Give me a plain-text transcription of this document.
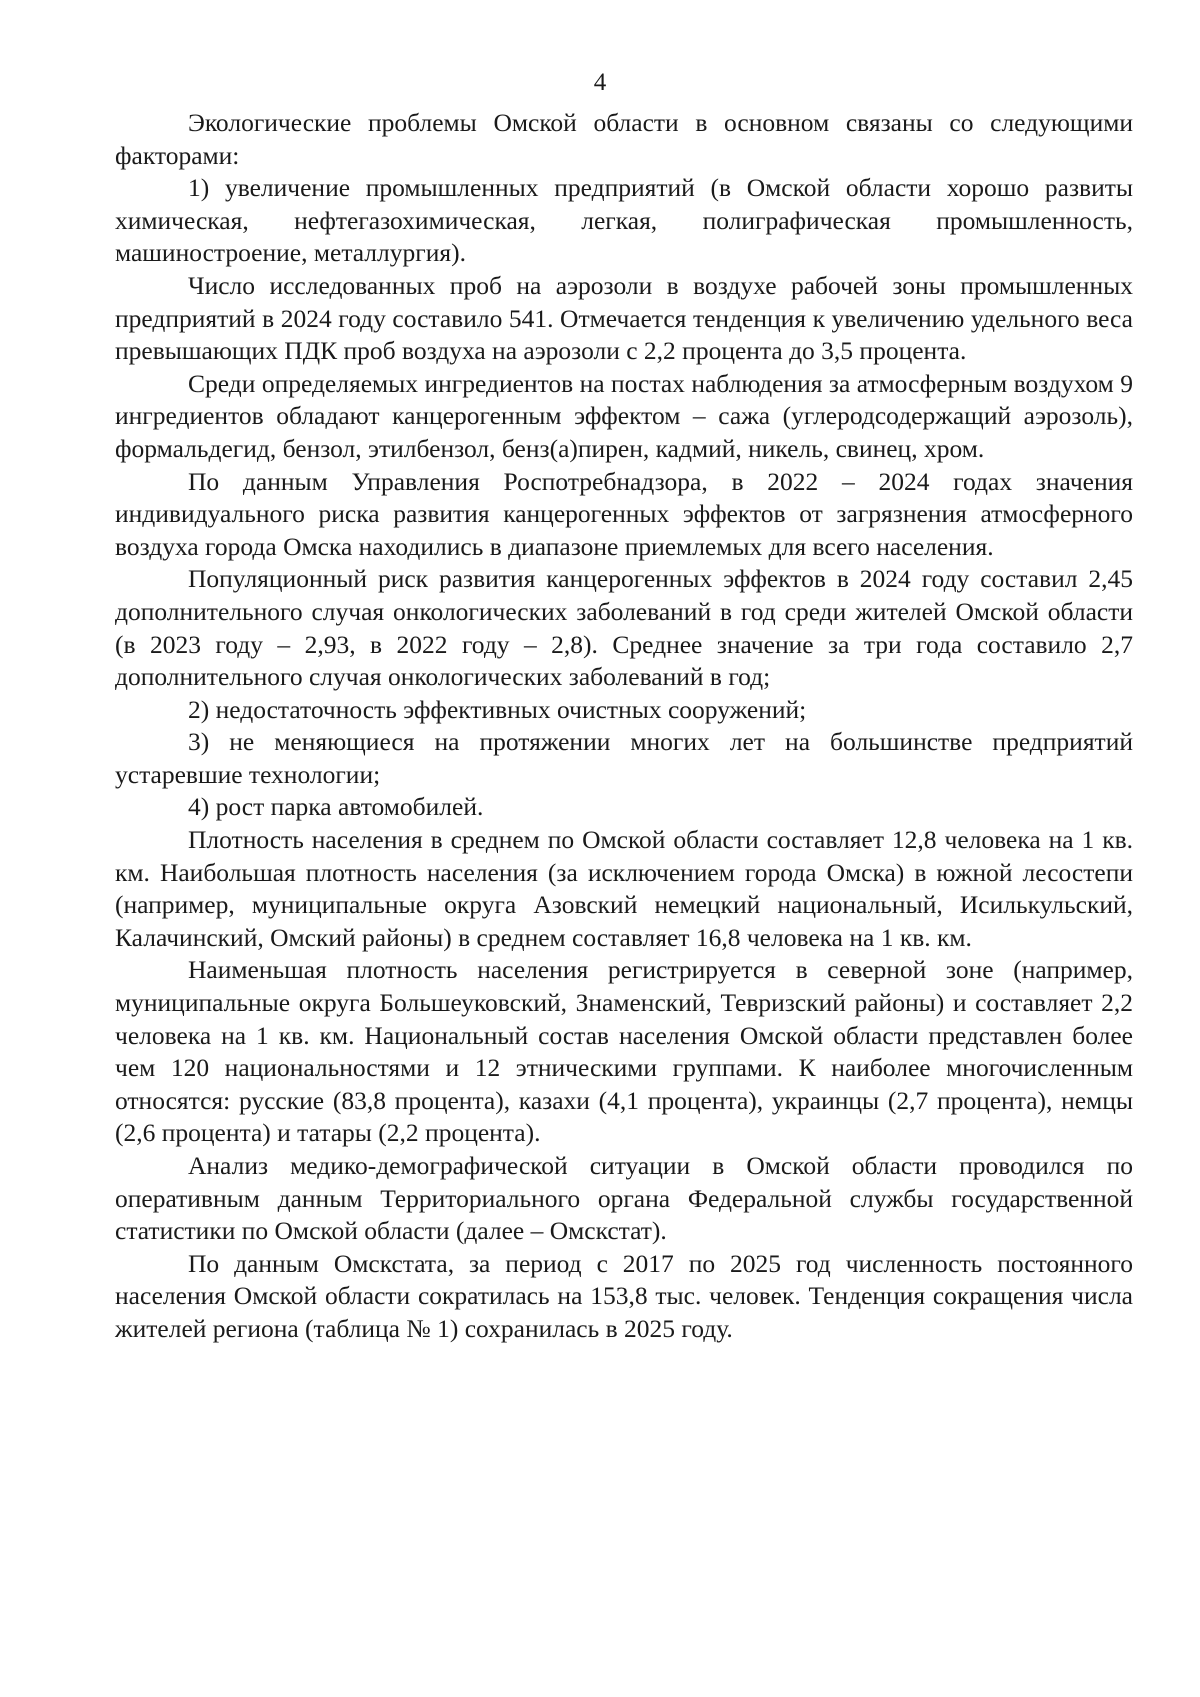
4

Экологические проблемы Омской области в основном связаны со следующими факторами:

1) увеличение промышленных предприятий (в Омской области хорошо развиты химическая, нефтегазохимическая, легкая, полиграфическая промышленность, машиностроение, металлургия).

Число исследованных проб на аэрозоли в воздухе рабочей зоны промышленных предприятий в 2024 году составило 541. Отмечается тенденция к увеличению удельного веса превышающих ПДК проб воздуха на аэрозоли с 2,2 процента до 3,5 процента.

Среди определяемых ингредиентов на постах наблюдения за атмосферным воздухом 9 ингредиентов обладают канцерогенным эффектом – сажа (углеродсодержащий аэрозоль), формальдегид, бензол, этилбензол, бенз(а)пирен, кадмий, никель, свинец, хром.

По данным Управления Роспотребнадзора, в 2022 – 2024 годах значения индивидуального риска развития канцерогенных эффектов от загрязнения атмосферного воздуха города Омска находились в диапазоне приемлемых для всего населения.

Популяционный риск развития канцерогенных эффектов в 2024 году составил 2,45 дополнительного случая онкологических заболеваний в год среди жителей Омской области (в 2023 году – 2,93, в 2022 году – 2,8). Среднее значение за три года составило 2,7 дополнительного случая онкологических заболеваний в год;

2) недостаточность эффективных очистных сооружений;

3) не меняющиеся на протяжении многих лет на большинстве предприятий устаревшие технологии;

4) рост парка автомобилей.

Плотность населения в среднем по Омской области составляет 12,8 человека на 1 кв. км. Наибольшая плотность населения (за исключением города Омска) в южной лесостепи (например, муниципальные округа Азовский немецкий национальный, Исилькульский, Калачинский, Омский районы) в среднем составляет 16,8 человека на 1 кв. км.

Наименьшая плотность населения регистрируется в северной зоне (например, муниципальные округа Большеуковский, Знаменский, Тевризский районы) и составляет 2,2 человека на 1 кв. км. Национальный состав населения Омской области представлен более чем 120 национальностями и 12 этническими группами. К наиболее многочисленным относятся: русские (83,8 процента), казахи (4,1 процента), украинцы (2,7 процента), немцы (2,6 процента) и татары (2,2 процента).

Анализ медико-демографической ситуации в Омской области проводился по оперативным данным Территориального органа Федеральной службы государственной статистики по Омской области (далее – Омскстат).

По данным Омскстата, за период с 2017 по 2025 год численность постоянного населения Омской области сократилась на 153,8 тыс. человек. Тенденция сокращения числа жителей региона (таблица № 1) сохранилась в 2025 году.
